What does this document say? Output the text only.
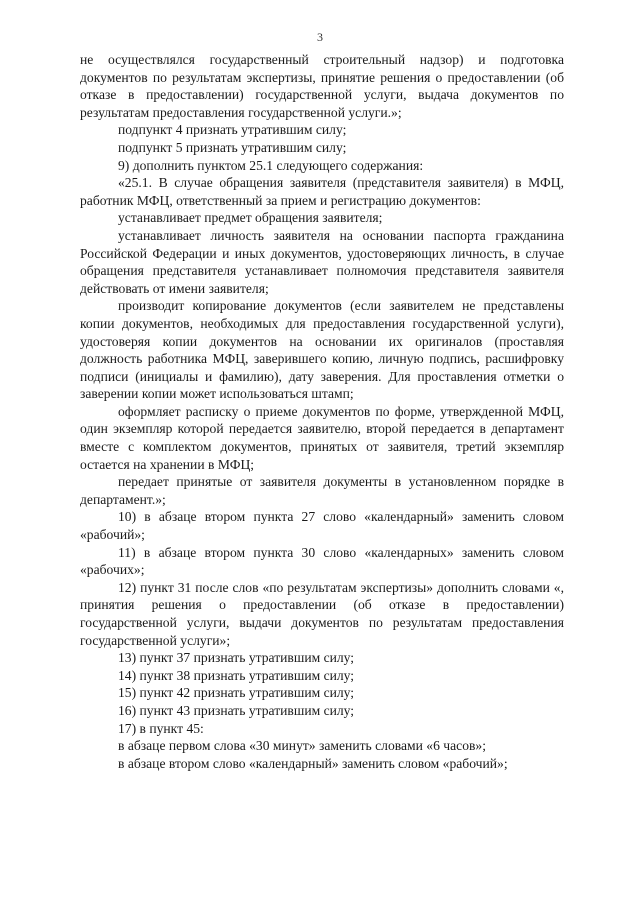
3

не осуществлялся государственный строительный надзор) и подготовка документов по результатам экспертизы, принятие решения о предоставлении (об отказе в предоставлении) государственной услуги, выдача документов по результатам предоставления государственной услуги.»;

подпункт 4 признать утратившим силу;

подпункт 5 признать утратившим силу;

9) дополнить пунктом 25.1 следующего содержания:

«25.1. В случае обращения заявителя (представителя заявителя) в МФЦ, работник МФЦ, ответственный за прием и регистрацию документов:

устанавливает предмет обращения заявителя;

устанавливает личность заявителя на основании паспорта гражданина Российской Федерации и иных документов, удостоверяющих личность, в случае обращения представителя устанавливает полномочия представителя заявителя действовать от имени заявителя;

производит копирование документов (если заявителем не представлены копии документов, необходимых для предоставления государственной услуги), удостоверяя копии документов на основании их оригиналов (проставляя должность работника МФЦ, заверившего копию, личную подпись, расшифровку подписи (инициалы и фамилию), дату заверения. Для проставления отметки о заверении копии может использоваться штамп;

оформляет расписку о приеме документов по форме, утвержденной МФЦ, один экземпляр которой передается заявителю, второй передается в департамент вместе с комплектом документов, принятых от заявителя, третий экземпляр остается на хранении в МФЦ;

передает принятые от заявителя документы в установленном порядке в департамент.»;

10) в абзаце втором пункта 27 слово «календарный» заменить словом «рабочий»;

11) в абзаце втором пункта 30 слово «календарных» заменить словом «рабочих»;

12) пункт 31 после слов «по результатам экспертизы» дополнить словами «, принятия решения о предоставлении (об отказе в предоставлении) государственной услуги, выдачи документов по результатам предоставления государственной услуги»;

13) пункт 37 признать утратившим силу;

14) пункт 38 признать утратившим силу;

15) пункт 42 признать утратившим силу;

16) пункт 43 признать утратившим силу;

17) в пункт 45:

в абзаце первом слова «30 минут» заменить словами «6 часов»;

в абзаце втором слово «календарный» заменить словом «рабочий»;
